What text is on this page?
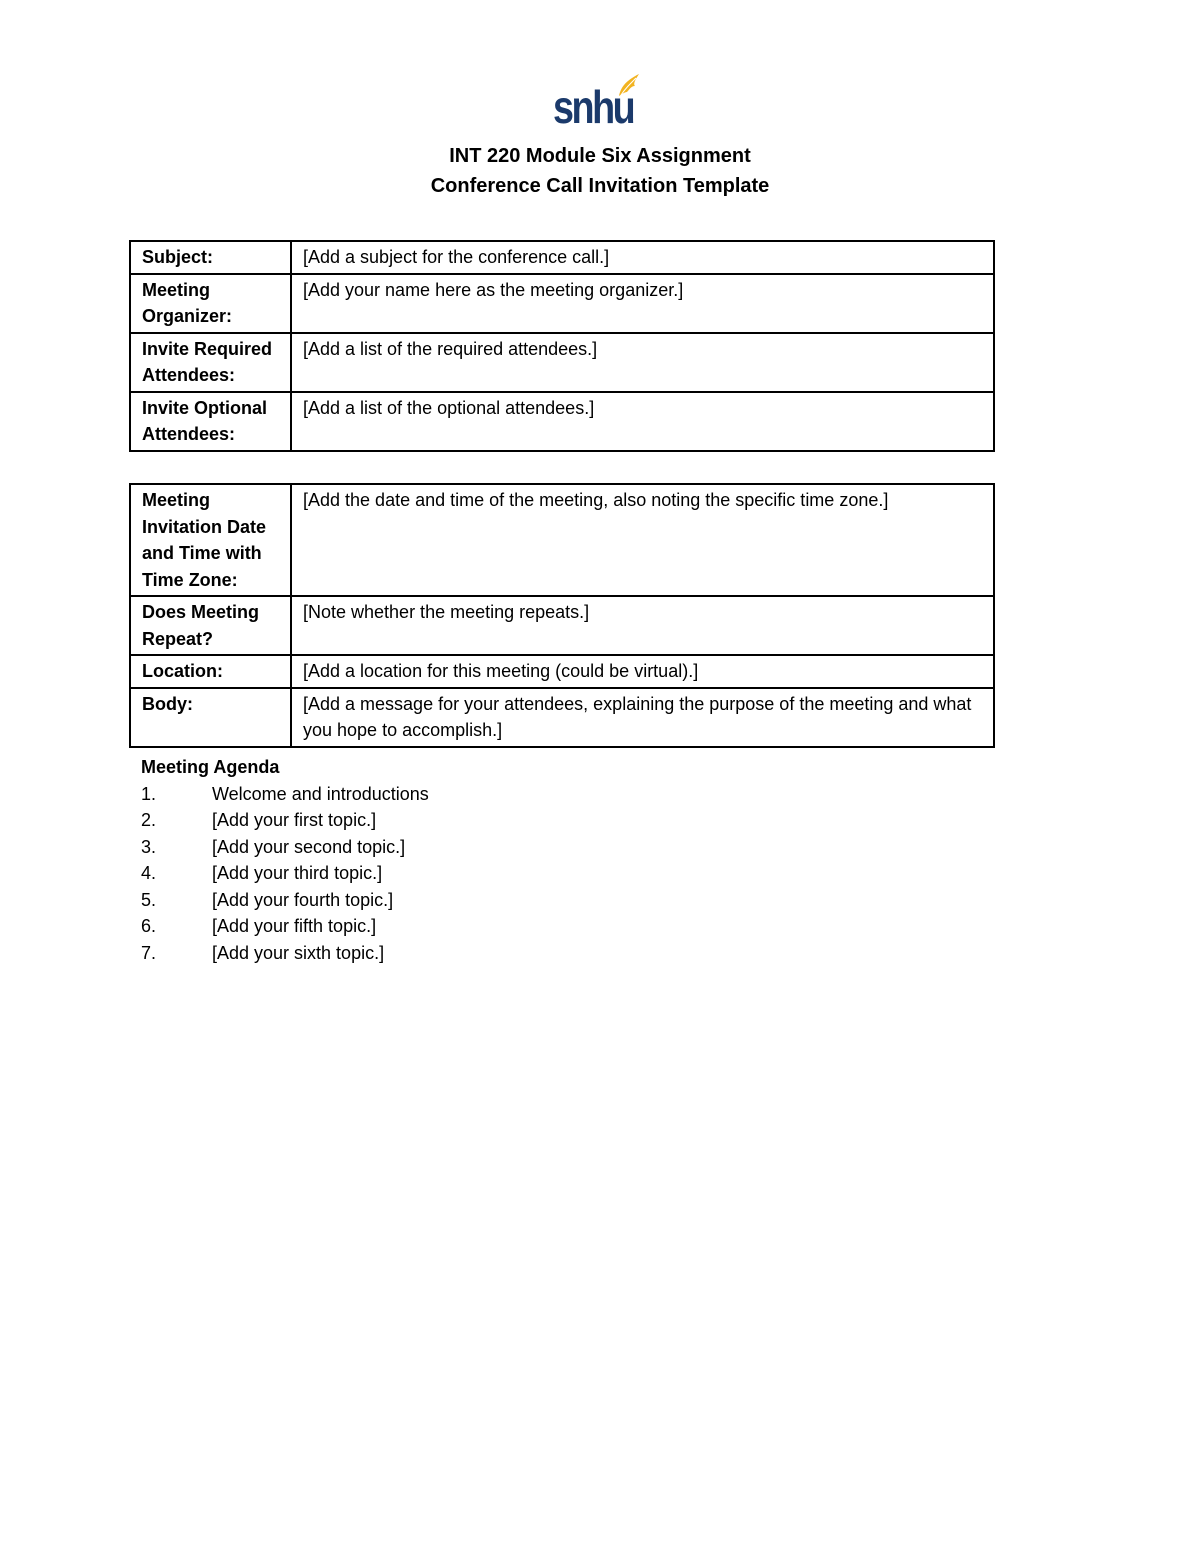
snhu
INT 220 Module Six Assignment
Conference Call Invitation Template
Subject:	[Add a subject for the conference call.]
Meeting Organizer:	[Add your name here as the meeting organizer.]
Invite Required Attendees:	[Add a list of the required attendees.]
Invite Optional Attendees:	[Add a list of the optional attendees.]
Meeting Invitation Date and Time with Time Zone:	[Add the date and time of the meeting, also noting the specific time zone.]
Does Meeting Repeat?	[Note whether the meeting repeats.]
Location:	[Add a location for this meeting (could be virtual).]
Body:	[Add a message for your attendees, explaining the purpose of the meeting and what you hope to accomplish.]
Meeting Agenda
1.	Welcome and introductions
2.	[Add your first topic.]
3.	[Add your second topic.]
4.	[Add your third topic.]
5.	[Add your fourth topic.]
6.	[Add your fifth topic.]
7.	[Add your sixth topic.]
